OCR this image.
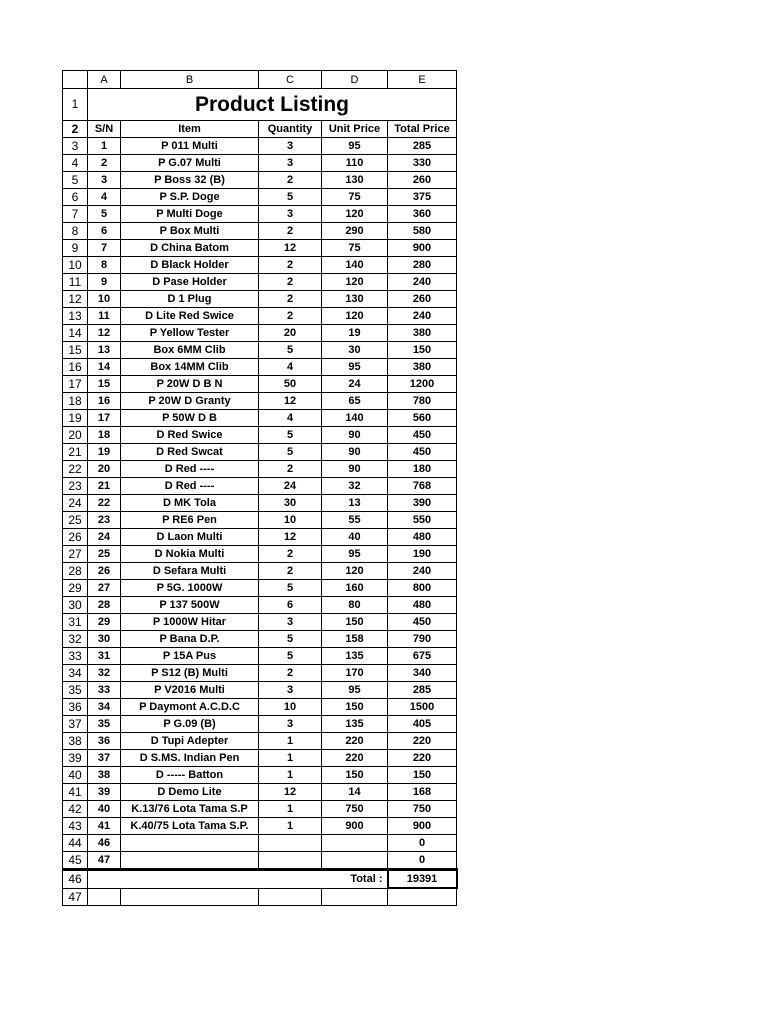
	A	B	C	D	E
1	Product Listing				
2	S/N	Item	Quantity	Unit Price	Total Price
3	1	P 011 Multi	3	95	285
4	2	P G.07 Multi	3	110	330
5	3	P Boss 32 (B)	2	130	260
6	4	P S.P. Doge	5	75	375
7	5	P Multi Doge	3	120	360
8	6	P Box Multi	2	290	580
9	7	D China Batom	12	75	900
10	8	D Black Holder	2	140	280
11	9	D Pase Holder	2	120	240
12	10	D 1 Plug	2	130	260
13	11	D Lite Red Swice	2	120	240
14	12	P Yellow Tester	20	19	380
15	13	Box 6MM Clib	5	30	150
16	14	Box 14MM Clib	4	95	380
17	15	P 20W D B N	50	24	1200
18	16	P 20W D Granty	12	65	780
19	17	P 50W D B	4	140	560
20	18	D Red Swice	5	90	450
21	19	D Red Swcat	5	90	450
22	20	D Red ----	2	90	180
23	21	D Red ----	24	32	768
24	22	D MK Tola	30	13	390
25	23	P RE6 Pen	10	55	550
26	24	D Laon Multi	12	40	480
27	25	D Nokia Multi	2	95	190
28	26	D Sefara Multi	2	120	240
29	27	P 5G. 1000W	5	160	800
30	28	P 137 500W	6	80	480
31	29	P 1000W Hitar	3	150	450
32	30	P Bana D.P.	5	158	790
33	31	P 15A Pus	5	135	675
34	32	P S12 (B) Multi	2	170	340
35	33	P V2016 Multi	3	95	285
36	34	P Daymont A.C.D.C	10	150	1500
37	35	P G.09 (B)	3	135	405
38	36	D Tupi Adepter	1	220	220
39	37	D S.MS. Indian Pen	1	220	220
40	38	D ----- Batton	1	150	150
41	39	D Demo Lite	12	14	168
42	40	K.13/76 Lota Tama S.P	1	750	750
43	41	K.40/75 Lota Tama S.P.	1	900	900
44	46				0
45	47				0
46	Total :				19391
47					
